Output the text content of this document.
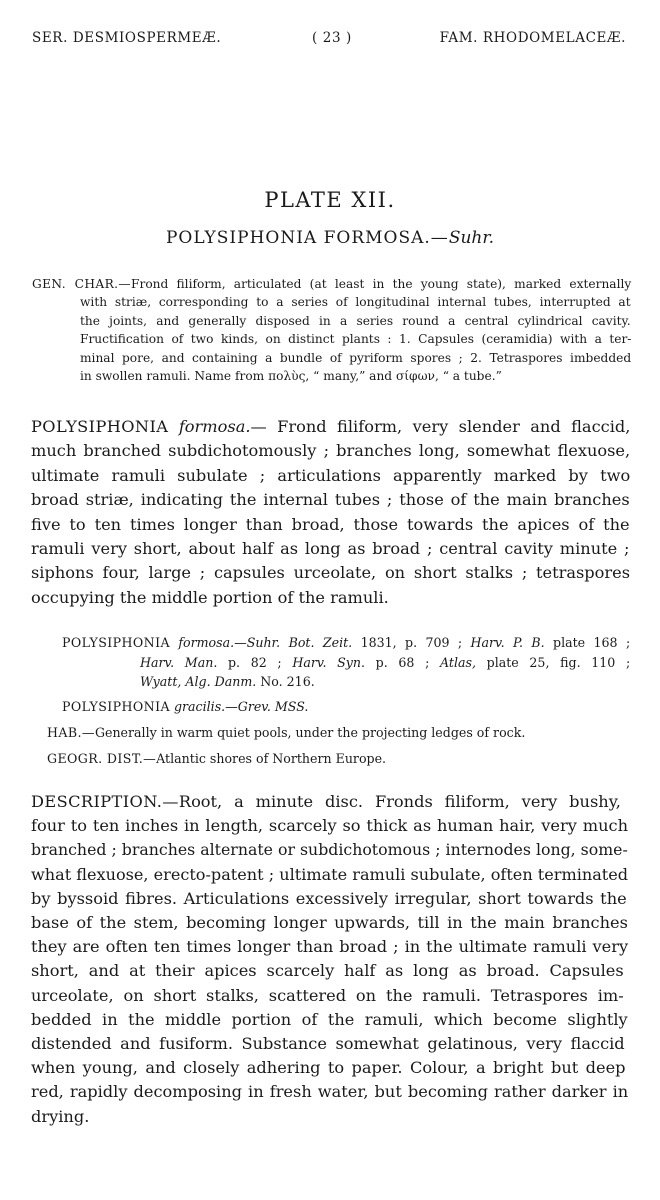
SER. DESMIOSPERMEÆ.	( 23 )	FAM. RHODOMELACEÆ.
PLATE XII.
POLYSIPHONIA FORMOSA.—Suhr.
GEN. CHAR.—Frond filiform, articulated (at least in the young state), marked externally
with striæ, corresponding to a series of longitudinal internal tubes, interrupted at
the joints, and generally disposed in a series round a central cylindrical cavity.
Fructification of two kinds, on distinct plants : 1. Capsules (ceramidia) with a ter-
minal pore, and containing a bundle of pyriform spores ; 2. Tetraspores imbedded
in swollen ramuli. Name from πολὺς, “ many,” and σίφων, “ a tube.”
POLYSIPHONIA formosa.— Frond filiform, very slender and flaccid,
much branched subdichotomously ; branches long, somewhat flexuose,
ultimate ramuli subulate ; articulations apparently marked by two
broad striæ, indicating the internal tubes ; those of the main branches
five to ten times longer than broad, those towards the apices of the
ramuli very short, about half as long as broad ; central cavity minute ;
siphons four, large ; capsules urceolate, on short stalks ; tetraspores
occupying the middle portion of the ramuli.
POLYSIPHONIA formosa.—Suhr. Bot. Zeit. 1831, p. 709 ; Harv. P. B. plate 168 ;
Harv. Man. p. 82 ; Harv. Syn. p. 68 ; Atlas, plate 25, fig. 110 ;
Wyatt, Alg. Danm. No. 216.
POLYSIPHONIA gracilis.—Grev. MSS.
HAB.—Generally in warm quiet pools, under the projecting ledges of rock.
GEOGR. DIST.—Atlantic shores of Northern Europe.
DESCRIPTION.—Root, a minute disc. Fronds filiform, very bushy,
four to ten inches in length, scarcely so thick as human hair, very much
branched ; branches alternate or subdichotomous ; internodes long, some-
what flexuose, erecto-patent ; ultimate ramuli subulate, often terminated
by byssoid fibres. Articulations excessively irregular, short towards the
base of the stem, becoming longer upwards, till in the main branches
they are often ten times longer than broad ; in the ultimate ramuli very
short, and at their apices scarcely half as long as broad. Capsules
urceolate, on short stalks, scattered on the ramuli. Tetraspores im-
bedded in the middle portion of the ramuli, which become slightly
distended and fusiform. Substance somewhat gelatinous, very flaccid
when young, and closely adhering to paper. Colour, a bright but deep
red, rapidly decomposing in fresh water, but becoming rather darker in
drying.
